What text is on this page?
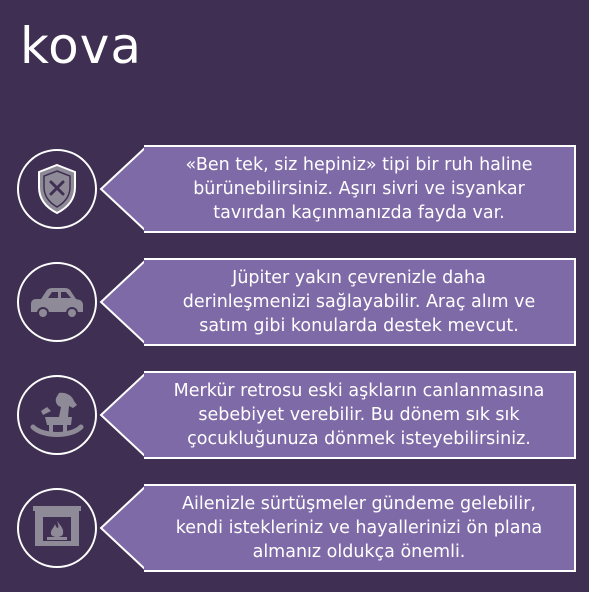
kova

«Ben tek, siz hepiniz» tipi bir ruh haline
bürünebilirsiniz. Aşırı sivri ve isyankar
tavırdan kaçınmanızda fayda var.

Jüpiter yakın çevrenizle daha
derinleşmenizi sağlayabilir. Araç alım ve
satım gibi konularda destek mevcut.

Merkür retrosu eski aşkların canlanmasına
sebebiyet verebilir. Bu dönem sık sık
çocukluğunuza dönmek isteyebilirsiniz.

Ailenizle sürtüşmeler gündeme gelebilir,
kendi istekleriniz ve hayallerinizi ön plana
almanız oldukça önemli.
